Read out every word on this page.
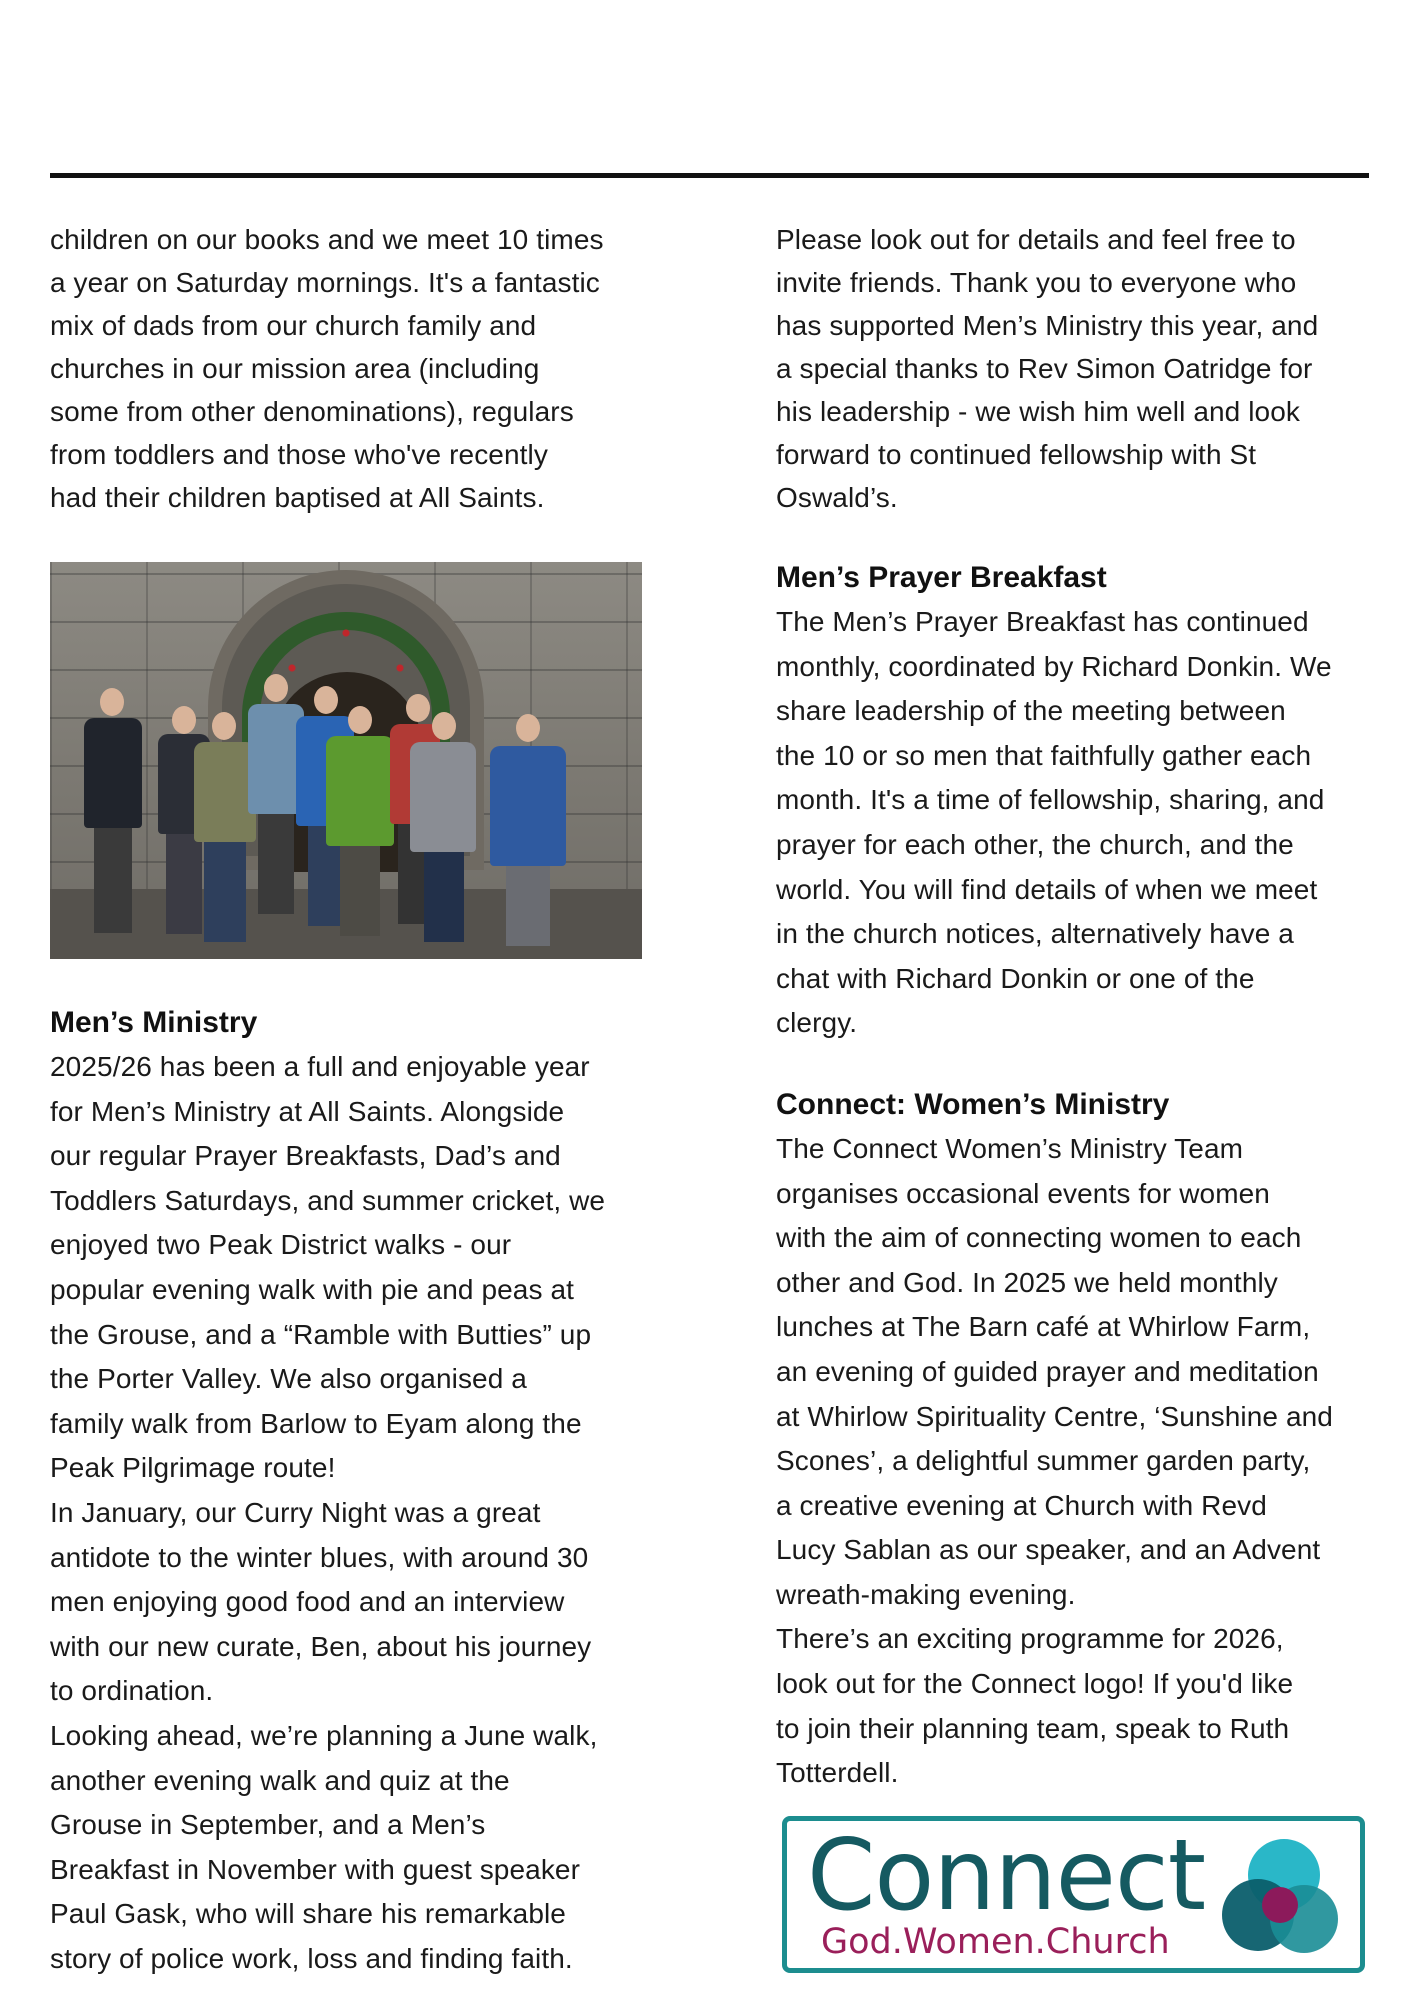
children on our books and we meet 10 times
a year on Saturday mornings. It's a fantastic
mix of dads from our church family and
churches in our mission area (including
some from other denominations), regulars
from toddlers and those who've recently
had their children baptised at All Saints.

Men’s Ministry

2025/26 has been a full and enjoyable year
for Men’s Ministry at All Saints. Alongside
our regular Prayer Breakfasts, Dad’s and
Toddlers Saturdays, and summer cricket, we
enjoyed two Peak District walks - our
popular evening walk with pie and peas at
the Grouse, and a “Ramble with Butties” up
the Porter Valley. We also organised a
family walk from Barlow to Eyam along the
Peak Pilgrimage route!
In January, our Curry Night was a great
antidote to the winter blues, with around 30
men enjoying good food and an interview
with our new curate, Ben, about his journey
to ordination.
Looking ahead, we’re planning a June walk,
another evening walk and quiz at the
Grouse in September, and a Men’s
Breakfast in November with guest speaker
Paul Gask, who will share his remarkable
story of police work, loss and finding faith.

Please look out for details and feel free to
invite friends. Thank you to everyone who
has supported Men’s Ministry this year, and
a special thanks to Rev Simon Oatridge for
his leadership - we wish him well and look
forward to continued fellowship with St
Oswald’s.

Men’s Prayer Breakfast

The Men’s Prayer Breakfast has continued
monthly, coordinated by Richard Donkin. We
share leadership of the meeting between
the 10 or so men that faithfully gather each
month. It's a time of fellowship, sharing, and
prayer for each other, the church, and the
world. You will find details of when we meet
in the church notices, alternatively have a
chat with Richard Donkin or one of the
clergy.

Connect: Women’s Ministry

The Connect Women’s Ministry Team
organises occasional events for women
with the aim of connecting women to each
other and God. In 2025 we held monthly
lunches at The Barn café at Whirlow Farm,
an evening of guided prayer and meditation
at Whirlow Spirituality Centre, ‘Sunshine and
Scones’, a delightful summer garden party,
a creative evening at Church with Revd
Lucy Sablan as our speaker, and an Advent
wreath-making evening.
There’s an exciting programme for 2026,
look out for the Connect logo! If you'd like
to join their planning team, speak to Ruth
Totterdell.

Connect
God.Women.Church
